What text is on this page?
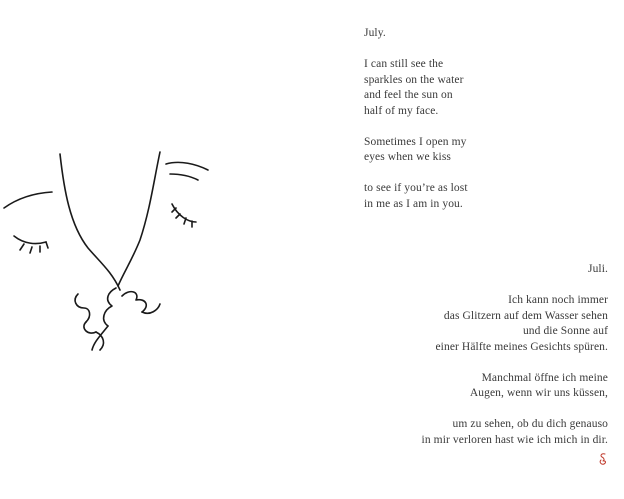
July.

I can still see the

sparkles on the water

and feel the sun on

half of my face.

Sometimes I open my

eyes when we kiss

to see if you’re as lost

in me as I am in you.

Juli.

Ich kann noch immer

das Glitzern auf dem Wasser sehen

und die Sonne auf

einer Hälfte meines Gesichts spüren.

Manchmal öffne ich meine

Augen, wenn wir uns küssen,

um zu sehen, ob du dich genauso

in mir verloren hast wie ich mich in dir.
